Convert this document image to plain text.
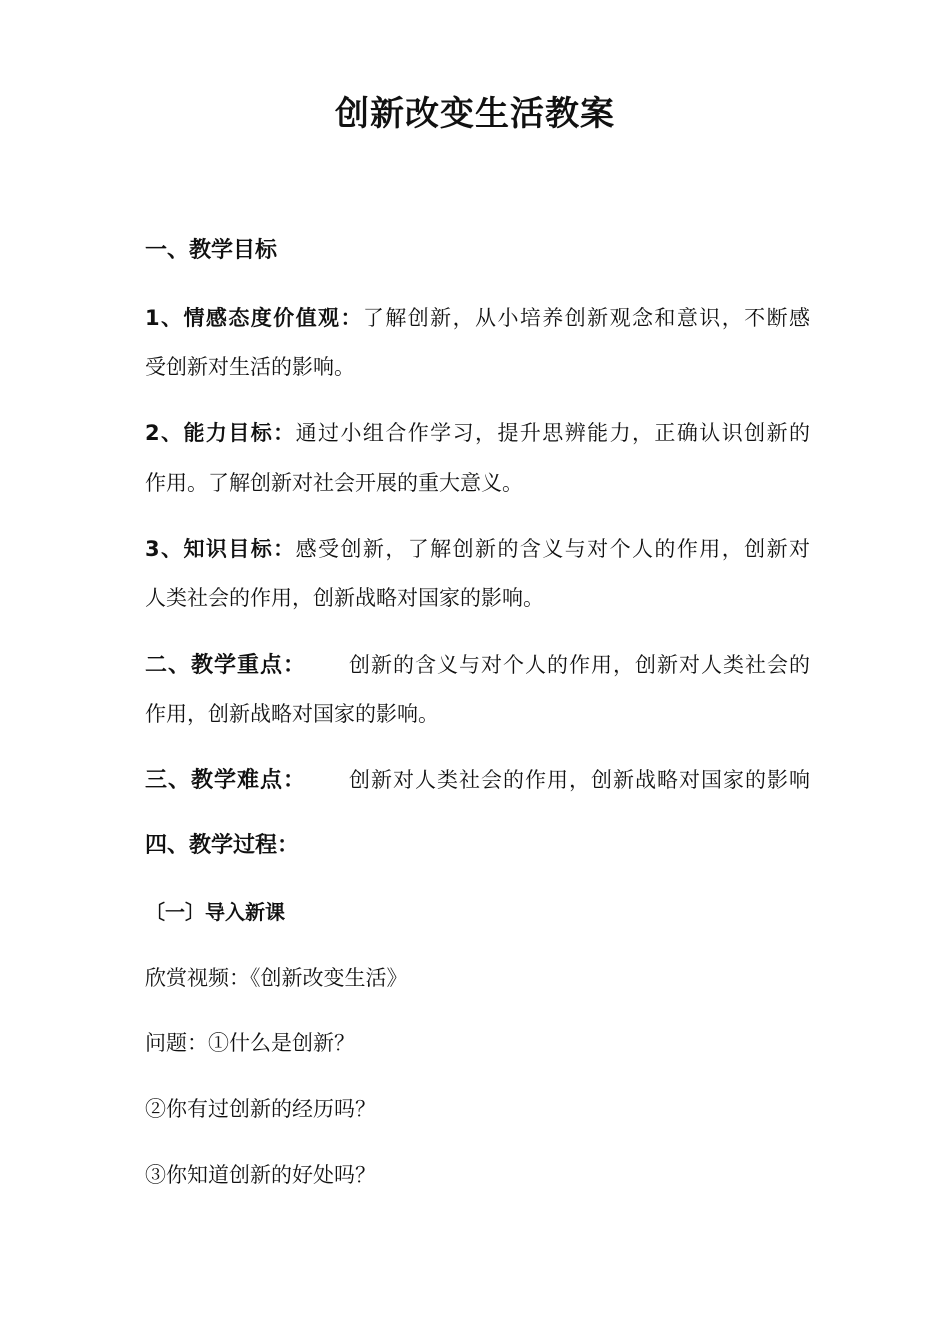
创新改变生活教案

一、教学目标

1、情感态度价值观：了解创新，从小培养创新观念和意识，不断感

受创新对生活的影响。

2、能力目标：通过小组合作学习，提升思辨能力，正确认识创新的

作用。了解创新对社会开展的重大意义。

3、知识目标：感受创新，了解创新的含义与对个人的作用，创新对

人类社会的作用，创新战略对国家的影响。

二、教学重点： 创新的含义与对个人的作用，创新对人类社会的

作用，创新战略对国家的影响。

三、教学难点： 创新对人类社会的作用，创新战略对国家的影响

四、教学过程：

〔一〕导入新课

欣赏视频：《创新改变生活》

问题：①什么是创新？

②你有过创新的经历吗？

③你知道创新的好处吗？
